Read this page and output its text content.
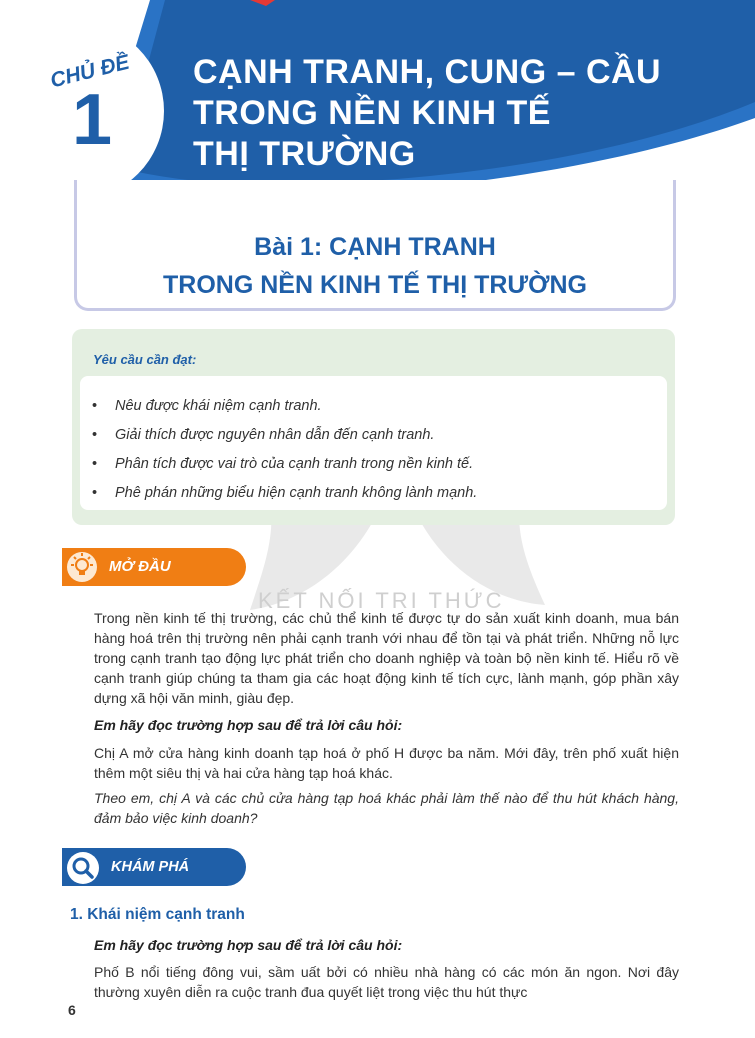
CHỦ ĐỀ
1
CẠNH TRANH, CUNG – CẦU
TRONG NỀN KINH TẾ
THỊ TRƯỜNG
Bài 1: CẠNH TRANH
TRONG NỀN KINH TẾ THỊ TRƯỜNG
KẾT NỐI TRI THỨC
Yêu cầu cần đạt:
• Nêu được khái niệm cạnh tranh.
• Giải thích được nguyên nhân dẫn đến cạnh tranh.
• Phân tích được vai trò của cạnh tranh trong nền kinh tế.
• Phê phán những biểu hiện cạnh tranh không lành mạnh.
MỞ ĐẦU

Trong nền kinh tế thị trường, các chủ thể kinh tế được tự do sản xuất kinh doanh, mua bán hàng hoá trên thị trường nên phải cạnh tranh với nhau để tồn tại và phát triển. Những nỗ lực trong cạnh tranh tạo động lực phát triển cho doanh nghiệp và toàn bộ nền kinh tế. Hiểu rõ về cạnh tranh giúp chúng ta tham gia các hoạt động kinh tế tích cực, lành mạnh, góp phần xây dựng xã hội văn minh, giàu đẹp.

Em hãy đọc trường hợp sau để trả lời câu hỏi:

Chị A mở cửa hàng kinh doanh tạp hoá ở phố H được ba năm. Mới đây, trên phố xuất hiện thêm một siêu thị và hai cửa hàng tạp hoá khác.

Theo em, chị A và các chủ cửa hàng tạp hoá khác phải làm thế nào để thu hút khách hàng, đảm bảo việc kinh doanh?

KHÁM PHÁ
1. Khái niệm cạnh tranh

Em hãy đọc trường hợp sau để trả lời câu hỏi:

Phố B nổi tiếng đông vui, sầm uất bởi có nhiều nhà hàng có các món ăn ngon. Nơi đây thường xuyên diễn ra cuộc tranh đua quyết liệt trong việc thu hút thực

6
